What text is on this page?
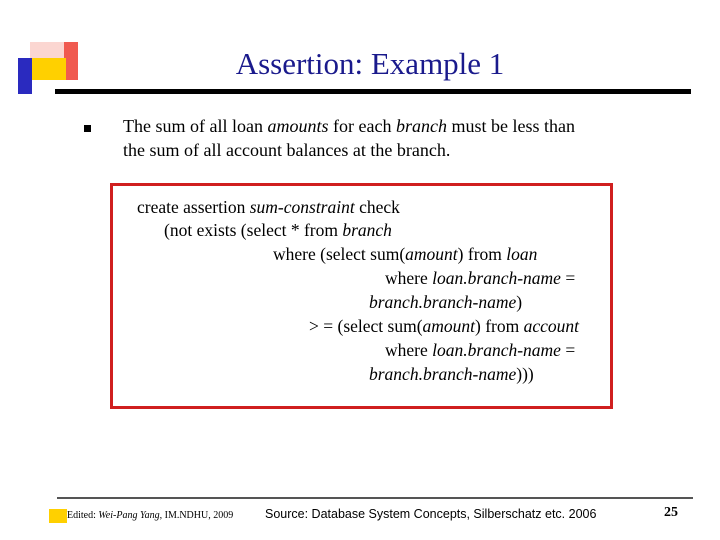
Assertion: Example 1
The sum of all loan amounts for each branch must be less than
the sum of all account balances at the branch.
create assertion sum-constraint check
(not exists (select * from branch
where (select sum(amount) from loan
where loan.branch-name =
branch.branch-name)
> = (select sum(amount) from account
where loan.branch-name =
branch.branch-name)))
Edited: Wei-Pang Yang, IM.NDHU, 2009	Source: Database System Concepts, Silberschatz etc. 2006	25
